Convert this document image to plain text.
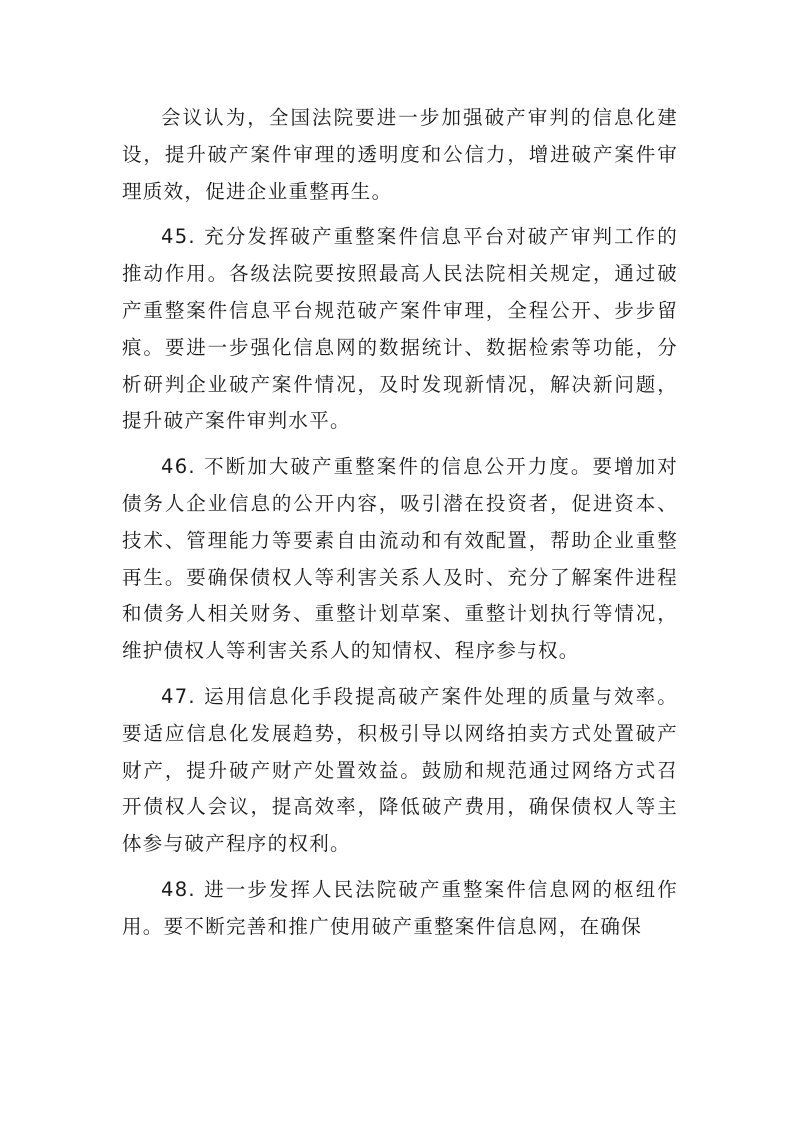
会议认为，全国法院要进一步加强破产审判的信息化建设，提升破产案件审理的透明度和公信力，增进破产案件审理质效，促进企业重整再生。

45. 充分发挥破产重整案件信息平台对破产审判工作的推动作用。各级法院要按照最高人民法院相关规定，通过破产重整案件信息平台规范破产案件审理，全程公开、步步留痕。要进一步强化信息网的数据统计、数据检索等功能，分析研判企业破产案件情况，及时发现新情况，解决新问题，提升破产案件审判水平。

46. 不断加大破产重整案件的信息公开力度。要增加对债务人企业信息的公开内容，吸引潜在投资者，促进资本、技术、管理能力等要素自由流动和有效配置，帮助企业重整再生。要确保债权人等利害关系人及时、充分了解案件进程和债务人相关财务、重整计划草案、重整计划执行等情况，维护债权人等利害关系人的知情权、程序参与权。

47. 运用信息化手段提高破产案件处理的质量与效率。要适应信息化发展趋势，积极引导以网络拍卖方式处置破产财产，提升破产财产处置效益。鼓励和规范通过网络方式召开债权人会议，提高效率，降低破产费用，确保债权人等主体参与破产程序的权利。

48. 进一步发挥人民法院破产重整案件信息网的枢纽作用。要不断完善和推广使用破产重整案件信息网，在确保
